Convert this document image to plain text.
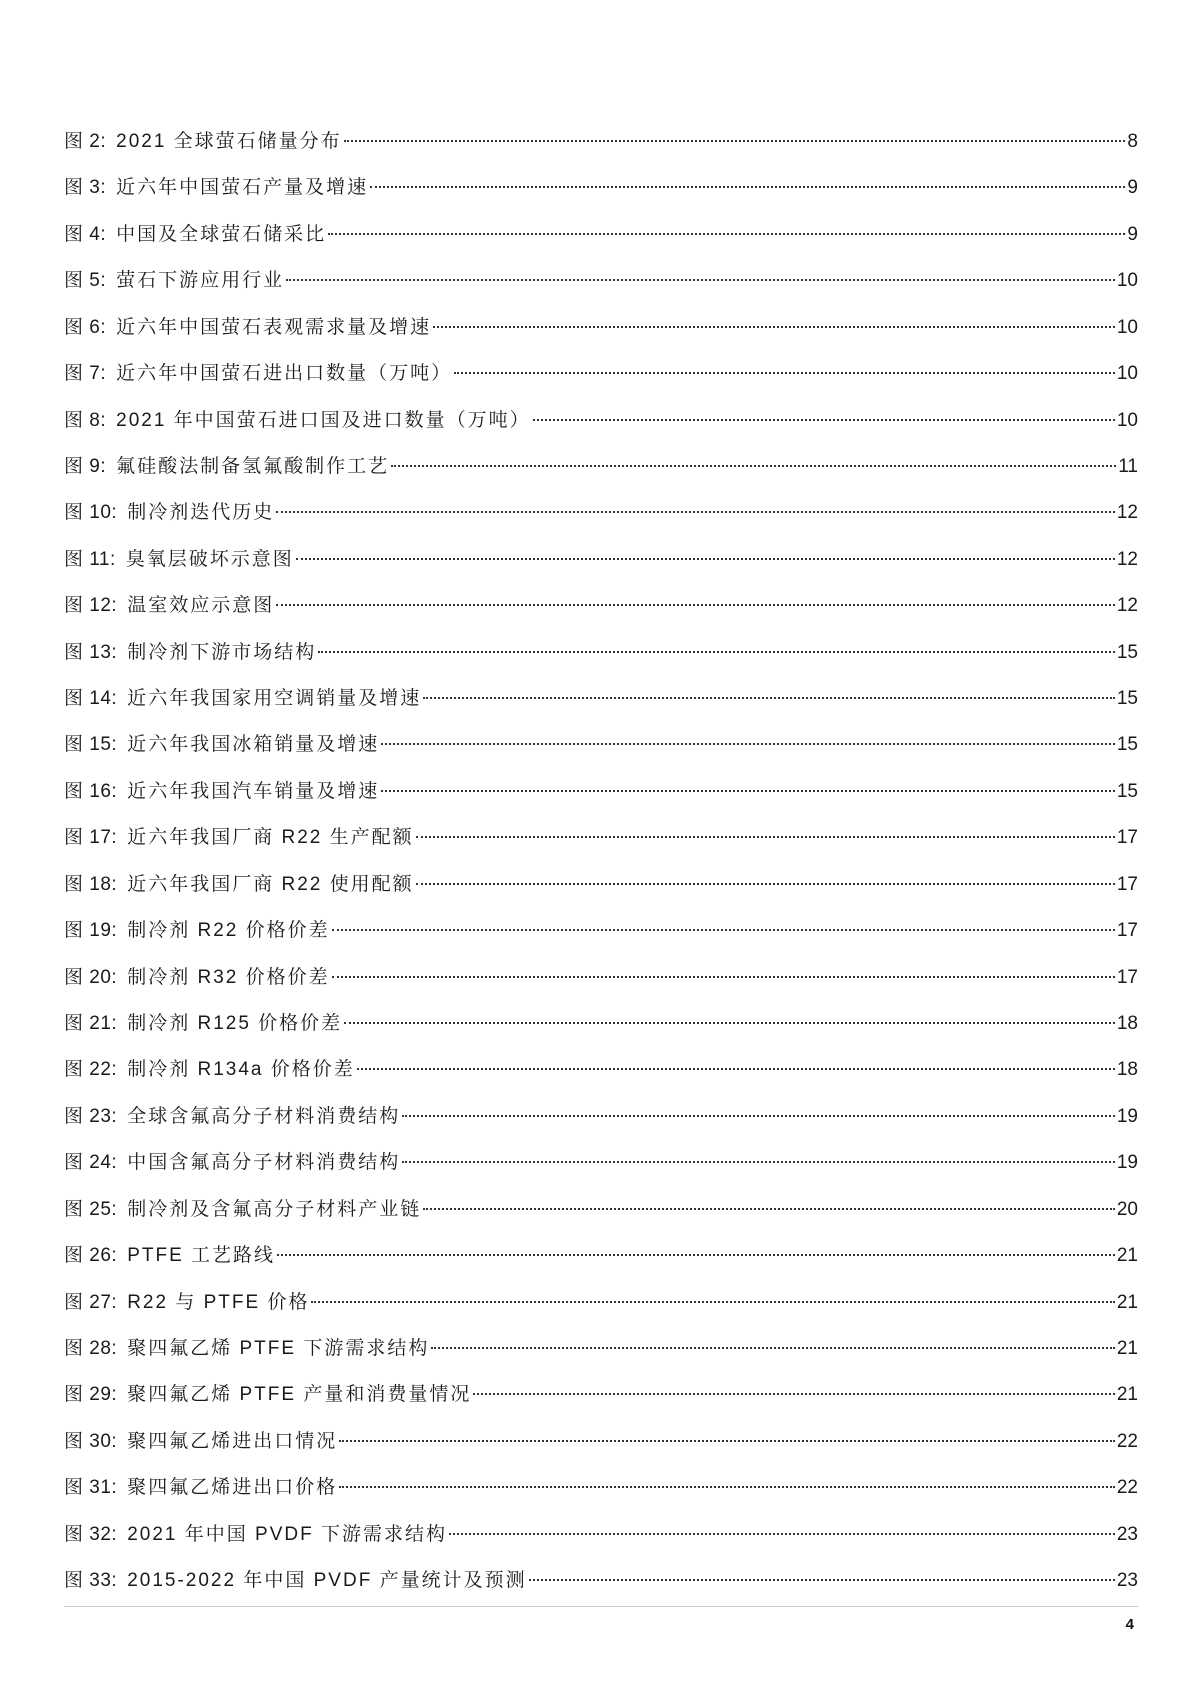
图 2: 2021 全球萤石储量分布	8
图 3: 近六年中国萤石产量及增速	9
图 4: 中国及全球萤石储采比	9
图 5: 萤石下游应用行业	10
图 6: 近六年中国萤石表观需求量及增速	10
图 7: 近六年中国萤石进出口数量（万吨）	10
图 8: 2021 年中国萤石进口国及进口数量（万吨）	10
图 9: 氟硅酸法制备氢氟酸制作工艺	11
图 10: 制冷剂迭代历史	12
图 11: 臭氧层破坏示意图	12
图 12: 温室效应示意图	12
图 13: 制冷剂下游市场结构	15
图 14: 近六年我国家用空调销量及增速	15
图 15: 近六年我国冰箱销量及增速	15
图 16: 近六年我国汽车销量及增速	15
图 17: 近六年我国厂商 R22 生产配额	17
图 18: 近六年我国厂商 R22 使用配额	17
图 19: 制冷剂 R22 价格价差	17
图 20: 制冷剂 R32 价格价差	17
图 21: 制冷剂 R125 价格价差	18
图 22: 制冷剂 R134a 价格价差	18
图 23: 全球含氟高分子材料消费结构	19
图 24: 中国含氟高分子材料消费结构	19
图 25: 制冷剂及含氟高分子材料产业链	20
图 26: PTFE 工艺路线	21
图 27: R22 与 PTFE 价格	21
图 28: 聚四氟乙烯 PTFE 下游需求结构	21
图 29: 聚四氟乙烯 PTFE 产量和消费量情况	21
图 30: 聚四氟乙烯进出口情况	22
图 31: 聚四氟乙烯进出口价格	22
图 32: 2021 年中国 PVDF 下游需求结构	23
图 33: 2015-2022 年中国 PVDF 产量统计及预测	23
4
